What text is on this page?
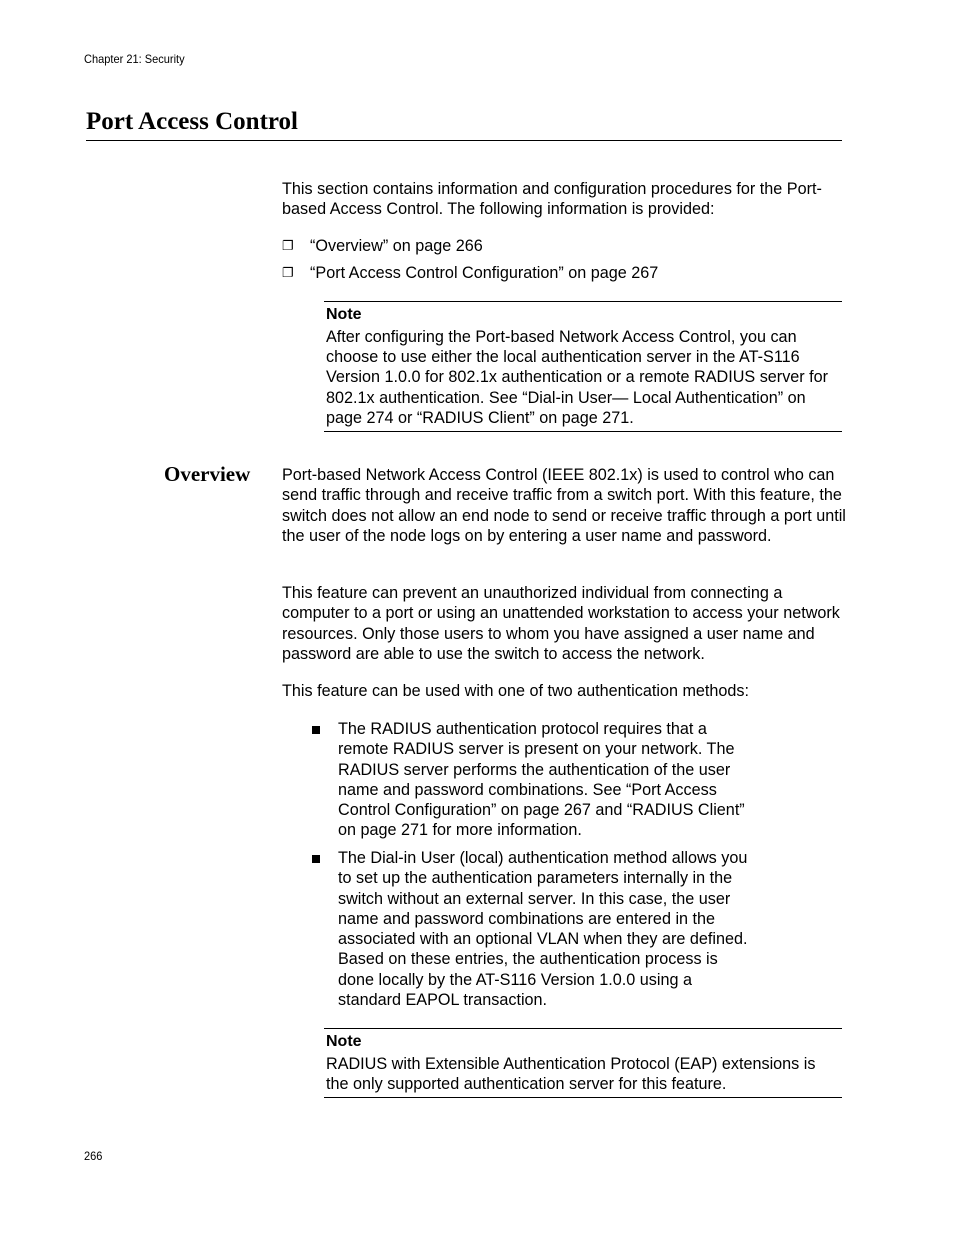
Chapter 21: Security
Port Access Control
This section contains information and configuration procedures for the Port-based Access Control. The following information is provided:
❐ “Overview” on page 266
❐ “Port Access Control Configuration” on page 267
Note
After configuring the Port-based Network Access Control, you can choose to use either the local authentication server in the AT-S116 Version 1.0.0 for 802.1x authentication or a remote RADIUS server for 802.1x authentication. See “Dial-in User— Local Authentication” on page 274 or “RADIUS Client” on page 271.
Overview Port-based Network Access Control (IEEE 802.1x) is used to control who can send traffic through and receive traffic from a switch port. With this feature, the switch does not allow an end node to send or receive traffic through a port until the user of the node logs on by entering a user name and password.
This feature can prevent an unauthorized individual from connecting a computer to a port or using an unattended workstation to access your network resources. Only those users to whom you have assigned a user name and password are able to use the switch to access the network.
This feature can be used with one of two authentication methods:
The RADIUS authentication protocol requires that a remote RADIUS server is present on your network. The RADIUS server performs the authentication of the user name and password combinations. See “Port Access Control Configuration” on page 267 and “RADIUS Client” on page 271 for more information.
The Dial-in User (local) authentication method allows you to set up the authentication parameters internally in the switch without an external server. In this case, the user name and password combinations are entered in the associated with an optional VLAN when they are defined. Based on these entries, the authentication process is done locally by the AT-S116 Version 1.0.0 using a standard EAPOL transaction.
Note
RADIUS with Extensible Authentication Protocol (EAP) extensions is the only supported authentication server for this feature.
266
